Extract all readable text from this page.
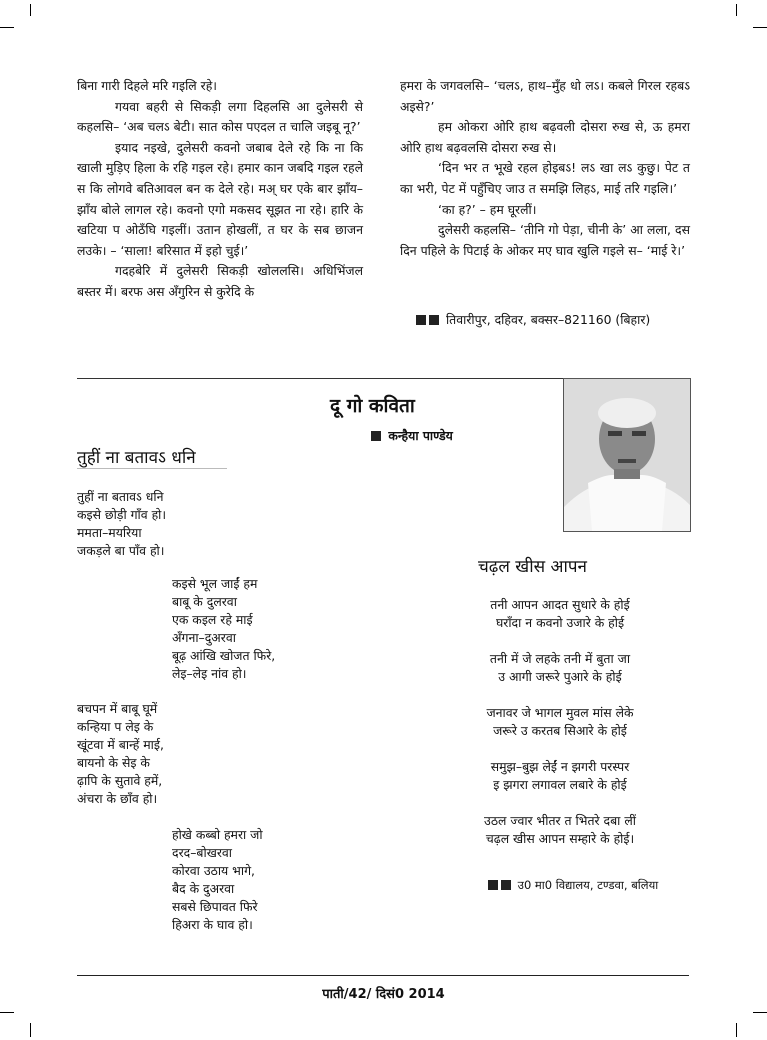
बिना गारी दिहले मरि गइलि रहे।

गयवा बहरी से सिकड़ी लगा दिहलसि आ दुलेसरी से कहलसि– ‘अब चलऽ बेटी। सात कोस पएदल त चालि जइबू नू?’

इयाद नइखे, दुलेसरी कवनो जबाब देले रहे कि ना कि खाली मुड़िए हिला के रहि गइल रहे। हमार कान जबदि गइल रहले स कि लोगवे बतिआवल बन क देले रहे। मअ् घर एके बार झाँय–झाँय बोले लागल रहे। कवनो एगो मकसद सूझत ना रहे। हारि के खटिया प ओठँघि गइलीं। उतान होखलीं, त घर के सब छाजन लउके। – ‘साला! बरिसात में इहो चुई।’

गदहबेरि में दुलेसरी सिकड़ी खोललसि। अधिभिंजल बस्तर में। बरफ अस अँगुरिन से कुरेदि के

हमरा के जगवलसि– ‘चलऽ, हाथ–मुँह धो लऽ। कबले गिरल रहबऽ अइसे?’

हम ओकरा ओरि हाथ बढ़वली दोसरा रुख से, ऊ हमरा ओरि हाथ बढ़वलसि दोसरा रुख से।

‘दिन भर त भूखे रहल होइबऽ! लऽ खा लऽ कुछु। पेट त का भरी, पेट में पहुँचिए जाउ त समझि लिहऽ, माई तरि गइलि।’

‘का ह?’ – हम घूरलीं।

दुलेसरी कहलसि– ‘तीनि गो पेड़ा, चीनी के’ आ लला, दस दिन पहिले के पिटाई के ओकर मए घाव खुलि गइले स– ‘माई रे।’

तिवारीपुर, दहिवर, बक्सर–821160 (बिहार)
दू गो कविता
कन्हैया पाण्डेय
तुहीं ना बतावऽ धनि
तुहीं ना बतावऽ धनि
कइसे छोड़ी गाँव हो।
ममता–मयरिया
जकड़ले बा पाँव हो।
कइसे भूल जाईं हम
बाबू के दुलरवा
एक कइल रहे माई
अँगना–दुअरवा
बूढ़ आंखि खोजत फिरे,
लेइ–लेइ नांव हो।
बचपन में बाबू घूमें
कन्हिया प लेइ के
खूंटवा में बान्हें माई,
बायनो के सेइ के
ढ़ापि के सुतावे हमें,
अंचरा के छाँव हो।
होखे कब्बो हमरा जो
दरद–बोखरवा
कोरवा उठाय भागे,
बैद के दुअरवा
सबसे छिपावत फिरे
हिअरा के घाव हो।
चढ़ल खीस आपन
तनी आपन आदत सुधारे के होई
घराँदा न कवनो उजारे के होई
तनी में जे लहके तनी में बुता जा
उ आगी जरूरे पुआरे के होई
जनावर जे भागल मुवल मांस लेके
जरूरे उ करतब सिआरे के होई
समुझ–बुझ लेईं न झगरी परस्पर
इ झगरा लगावल लबारे के होई
उठल ज्वार भीतर त भितरे दबा लीं
चढ़ल खीस आपन सम्हारे के होई।
उ0 मा0 विद्यालय, टण्डवा, बलिया
पाती/42/ दिसं0 2014
